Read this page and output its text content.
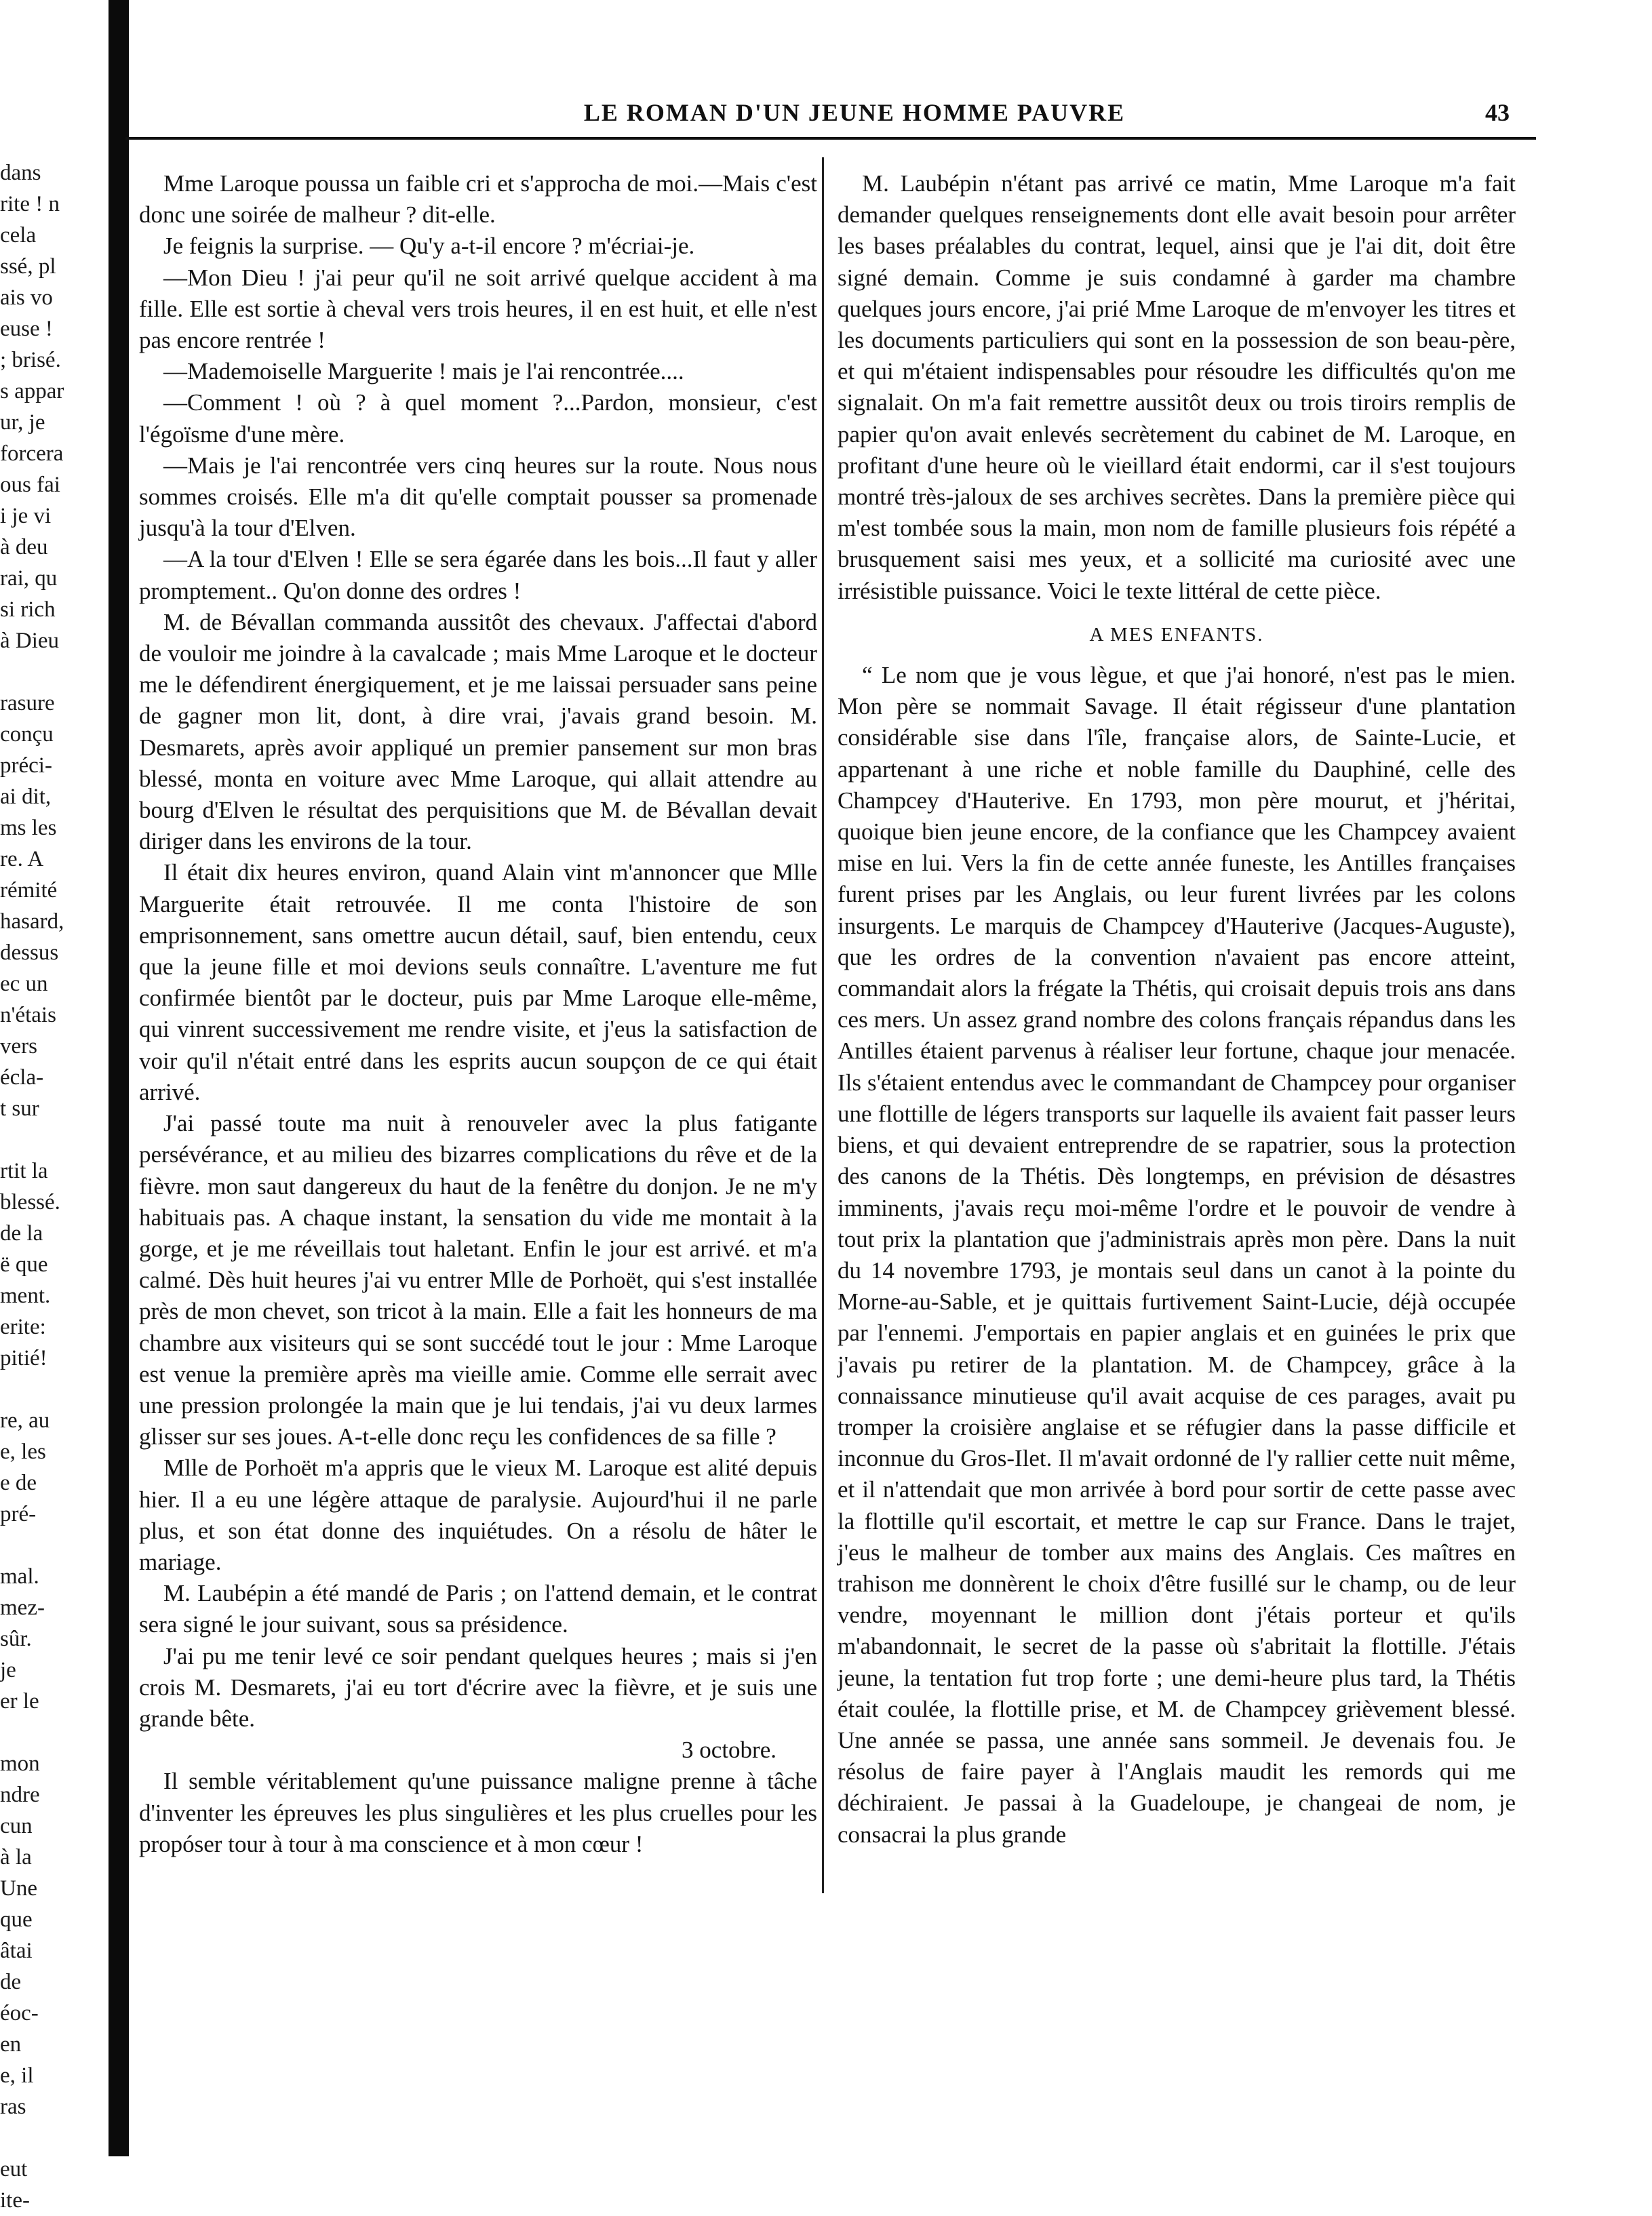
dans
rite ! n
cela
ssé, pl
ais vo
euse !
; brisé.
s appar
ur, je
forcera
ous fai
i je vi
à deu
rai, qu
si rich
à Dieu
rasure
conçu
préci-
ai dit,
ms les
re. A
rémité
hasard,
dessus
ec un
n'étais
vers
écla-
t sur
rtit la
blessé.
de la
ë que
ment.
erite:
pitié!
re, au
e, les
e de
pré-
mal.
mez-
sûr.
je
er le
mon
ndre
cun
à la
Une
que
âtai
de
éoc-
en
e, il
ras
eut
ite-
LE ROMAN D'UN JEUNE HOMME PAUVRE	43

Mme Laroque poussa un faible cri et s'approcha de moi.—Mais c'est donc une soirée de malheur ? dit-elle.

Je feignis la surprise. — Qu'y a-t-il encore ? m'écriai-je.

—Mon Dieu ! j'ai peur qu'il ne soit arrivé quelque accident à ma fille. Elle est sortie à cheval vers trois heures, il en est huit, et elle n'est pas encore rentrée !

—Mademoiselle Marguerite ! mais je l'ai rencontrée....

—Comment ! où ? à quel moment ?...Pardon, monsieur, c'est l'égoïsme d'une mère.

—Mais je l'ai rencontrée vers cinq heures sur la route. Nous nous sommes croisés. Elle m'a dit qu'elle comptait pousser sa promenade jusqu'à la tour d'Elven.

—A la tour d'Elven ! Elle se sera égarée dans les bois...Il faut y aller promptement.. Qu'on donne des ordres !

M. de Bévallan commanda aussitôt des chevaux. J'affectai d'abord de vouloir me joindre à la cavalcade ; mais Mme Laroque et le docteur me le défendirent énergiquement, et je me laissai persuader sans peine de gagner mon lit, dont, à dire vrai, j'avais grand besoin. M. Desmarets, après avoir appliqué un premier pansement sur mon bras blessé, monta en voiture avec Mme Laroque, qui allait attendre au bourg d'Elven le résultat des perquisitions que M. de Bévallan devait diriger dans les environs de la tour.

Il était dix heures environ, quand Alain vint m'annoncer que Mlle Marguerite était retrouvée. Il me conta l'histoire de son emprisonnement, sans omettre aucun détail, sauf, bien entendu, ceux que la jeune fille et moi devions seuls connaître. L'aventure me fut confirmée bientôt par le docteur, puis par Mme Laroque elle-même, qui vinrent successivement me rendre visite, et j'eus la satisfaction de voir qu'il n'était entré dans les esprits aucun soupçon de ce qui était arrivé.

J'ai passé toute ma nuit à renouveler avec la plus fatigante persévérance, et au milieu des bizarres complications du rêve et de la fièvre. mon saut dangereux du haut de la fenêtre du donjon. Je ne m'y habituais pas. A chaque instant, la sensation du vide me montait à la gorge, et je me réveillais tout haletant. Enfin le jour est arrivé. et m'a calmé. Dès huit heures j'ai vu entrer Mlle de Porhoët, qui s'est installée près de mon chevet, son tricot à la main. Elle a fait les honneurs de ma chambre aux visiteurs qui se sont succédé tout le jour : Mme Laroque est venue la première après ma vieille amie. Comme elle serrait avec une pression prolongée la main que je lui tendais, j'ai vu deux larmes glisser sur ses joues. A-t-elle donc reçu les confidences de sa fille ?

Mlle de Porhoët m'a appris que le vieux M. Laroque est alité depuis hier. Il a eu une légère attaque de paralysie. Aujourd'hui il ne parle plus, et son état donne des inquiétudes. On a résolu de hâter le mariage.

M. Laubépin a été mandé de Paris ; on l'attend demain, et le contrat sera signé le jour suivant, sous sa présidence.

J'ai pu me tenir levé ce soir pendant quelques heures ; mais si j'en crois M. Desmarets, j'ai eu tort d'écrire avec la fièvre, et je suis une grande bête.

3 octobre.

Il semble véritablement qu'une puissance maligne prenne à tâche d'inventer les épreuves les plus singulières et les plus cruelles pour les propóser tour à tour à ma conscience et à mon cœur !

M. Laubépin n'étant pas arrivé ce matin, Mme Laroque m'a fait demander quelques renseignements dont elle avait besoin pour arrêter les bases préalables du contrat, lequel, ainsi que je l'ai dit, doit être signé demain. Comme je suis condamné à garder ma chambre quelques jours encore, j'ai prié Mme Laroque de m'envoyer les titres et les documents particuliers qui sont en la possession de son beau-père, et qui m'étaient indispensables pour résoudre les difficultés qu'on me signalait. On m'a fait remettre aussitôt deux ou trois tiroirs remplis de papier qu'on avait enlevés secrètement du cabinet de M. Laroque, en profitant d'une heure où le vieillard était endormi, car il s'est toujours montré très-jaloux de ses archives secrètes. Dans la première pièce qui m'est tombée sous la main, mon nom de famille plusieurs fois répété a brusquement saisi mes yeux, et a sollicité ma curiosité avec une irrésistible puissance. Voici le texte littéral de cette pièce.

A MES ENFANTS.

“ Le nom que je vous lègue, et que j'ai honoré, n'est pas le mien. Mon père se nommait Savage. Il était régisseur d'une plantation considérable sise dans l'île, française alors, de Sainte-Lucie, et appartenant à une riche et noble famille du Dauphiné, celle des Champcey d'Hauterive. En 1793, mon père mourut, et j'héritai, quoique bien jeune encore, de la confiance que les Champcey avaient mise en lui. Vers la fin de cette année funeste, les Antilles françaises furent prises par les Anglais, ou leur furent livrées par les colons insurgents. Le marquis de Champcey d'Hauterive (Jacques-Auguste), que les ordres de la convention n'avaient pas encore atteint, commandait alors la frégate la Thétis, qui croisait depuis trois ans dans ces mers. Un assez grand nombre des colons français répandus dans les Antilles étaient parvenus à réaliser leur fortune, chaque jour menacée. Ils s'étaient entendus avec le commandant de Champcey pour organiser une flottille de légers transports sur laquelle ils avaient fait passer leurs biens, et qui devaient entreprendre de se rapatrier, sous la protection des canons de la Thétis. Dès longtemps, en prévision de désastres imminents, j'avais reçu moi-même l'ordre et le pouvoir de vendre à tout prix la plantation que j'administrais après mon père. Dans la nuit du 14 novembre 1793, je montais seul dans un canot à la pointe du Morne-au-Sable, et je quittais furtivement Saint-Lucie, déjà occupée par l'ennemi. J'emportais en papier anglais et en guinées le prix que j'avais pu retirer de la plantation. M. de Champcey, grâce à la connaissance minutieuse qu'il avait acquise de ces parages, avait pu tromper la croisière anglaise et se réfugier dans la passe difficile et inconnue du Gros-Ilet. Il m'avait ordonné de l'y rallier cette nuit même, et il n'attendait que mon arrivée à bord pour sortir de cette passe avec la flottille qu'il escortait, et mettre le cap sur France. Dans le trajet, j'eus le malheur de tomber aux mains des Anglais. Ces maîtres en trahison me donnèrent le choix d'être fusillé sur le champ, ou de leur vendre, moyennant le million dont j'étais porteur et qu'ils m'abandonnait, le secret de la passe où s'abritait la flottille. J'étais jeune, la tentation fut trop forte ; une demi-heure plus tard, la Thétis était coulée, la flottille prise, et M. de Champcey grièvement blessé. Une année se passa, une année sans sommeil. Je devenais fou. Je résolus de faire payer à l'Anglais maudit les remords qui me déchiraient. Je passai à la Guadeloupe, je changeai de nom, je consacrai la plus grande
